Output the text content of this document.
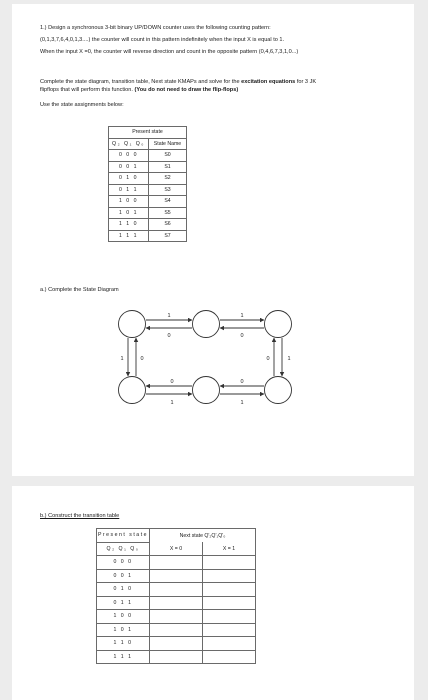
1.) Design a synchronous 3-bit binary UP/DOWN counter uses the following counting pattern:
(0,1,3,7,6,4,0,1,3....) the counter will count in this pattern indefinitely when the input X is equal to 1.
When the input X =0, the counter will reverse direction and count in the opposite pattern (0,4,6,7,3,1,0...)
Complete the state diagram, transition table, Next state KMAPs and solve for the excitation equations for 3 JK
flipflops that will perform this function. (You do not need to draw the flip-flops)
Use the state assignments below:
Present state	
Q₂ Q₁ Q₀	State Name
0 0 0	S0
0 0 1	S1
0 1 0	S2
0 1 1	S3
1 0 0	S4
1 0 1	S5
1 1 0	S6
1 1 1	S7
a.) Complete the State Diagram
1
0
1
0
1	0	0	1
0
1
0
1
b.) Construct the transition table
Present state	Next state Q'₂Q'₁Q'₀	
Q₂ Q₁ Q₀	X = 0	X = 1
0 0 0		
0 0 1		
0 1 0		
0 1 1		
1 0 0		
1 0 1		
1 1 0		
1 1 1		
